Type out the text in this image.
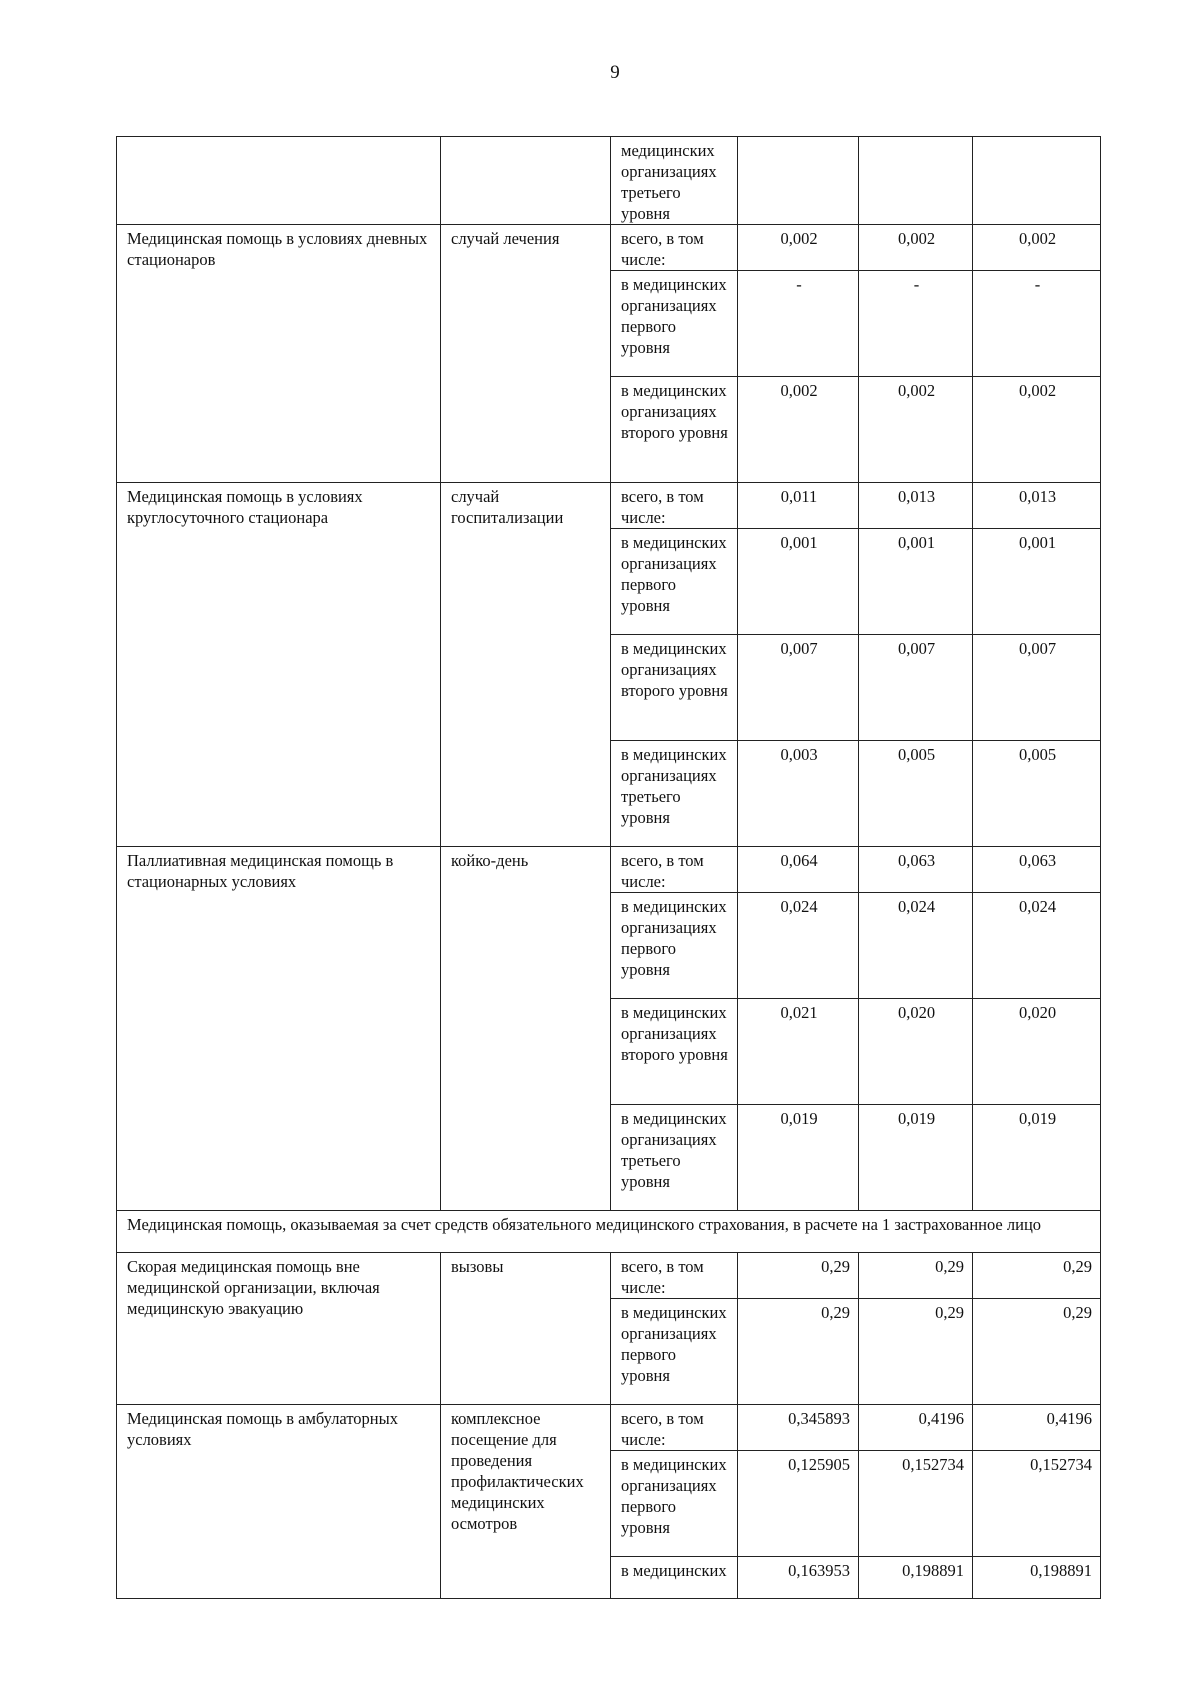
9
		медицинских организациях третьего уровня			
Медицинская помощь в условиях дневных стационаров	случай лечения	всего, в том числе:	0,002	0,002	0,002
		в медицинских организациях первого уровня	-	-	-
		в медицинских организациях второго уровня	0,002	0,002	0,002
Медицинская помощь в условиях круглосуточного стационара	случай госпитализации	всего, в том числе:	0,011	0,013	0,013
		в медицинских организациях первого уровня	0,001	0,001	0,001
		в медицинских организациях второго уровня	0,007	0,007	0,007
		в медицинских организациях третьего уровня	0,003	0,005	0,005
Паллиативная медицинская помощь в стационарных условиях	койко-день	всего, в том числе:	0,064	0,063	0,063
		в медицинских организациях первого уровня	0,024	0,024	0,024
		в медицинских организациях второго уровня	0,021	0,020	0,020
		в медицинских организациях третьего уровня	0,019	0,019	0,019
Медицинская помощь, оказываемая за счет средств обязательного медицинского страхования, в расчете на 1 застрахованное лицо					
Скорая медицинская помощь вне медицинской организации, включая медицинскую эвакуацию	вызовы	всего, в том числе:	0,29	0,29	0,29
		в медицинских организациях первого уровня	0,29	0,29	0,29
Медицинская помощь в амбулаторных условиях	комплексное посещение для проведения профилактических медицинских осмотров	всего, в том числе:	0,345893	0,4196	0,4196
		в медицинских организациях первого уровня	0,125905	0,152734	0,152734
		в медицинских	0,163953	0,198891	0,198891
